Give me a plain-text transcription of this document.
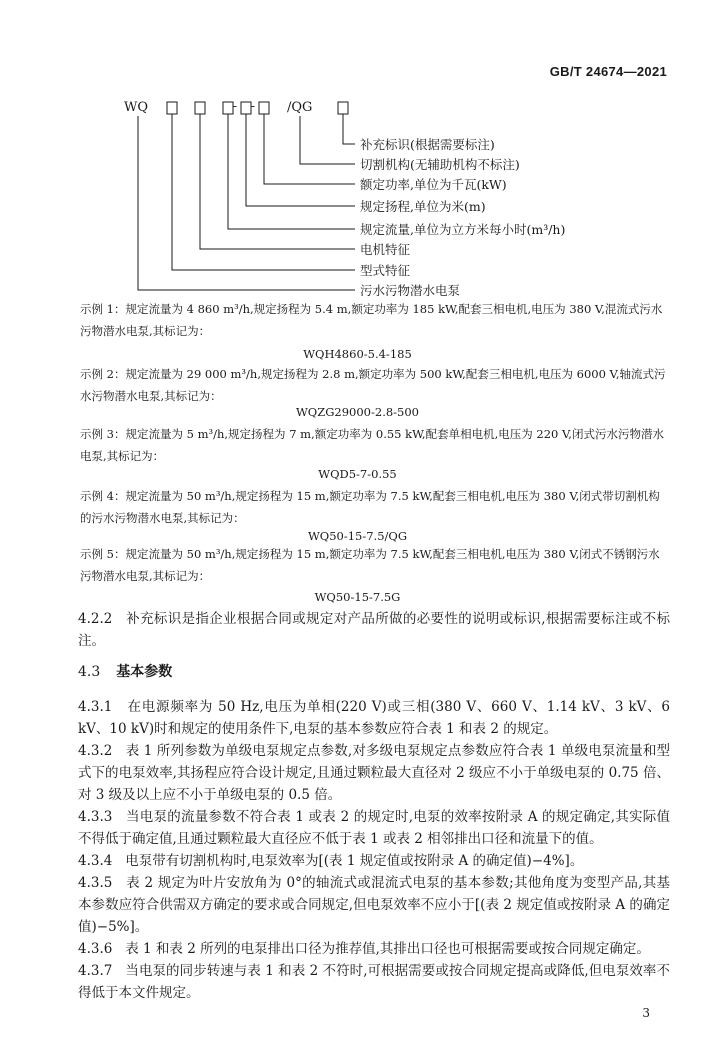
GB/T 24674—2021
WQ	- - /QG
补充标识(根据需要标注)
切割机构(无辅助机构不标注)
额定功率,单位为千瓦(kW)
规定扬程,单位为米(m)
规定流量,单位为立方米每小时(m³/h)
电机特征
型式特征
污水污物潜水电泵
示例 1：规定流量为 4 860 m³/h,规定扬程为 5.4 m,额定功率为 185 kW,配套三相电机,电压为 380 V,混流式污水污物潜水电泵,其标记为：
WQH4860-5.4-185
示例 2：规定流量为 29 000 m³/h,规定扬程为 2.8 m,额定功率为 500 kW,配套三相电机,电压为 6000 V,轴流式污水污物潜水电泵,其标记为：
WQZG29000-2.8-500
示例 3：规定流量为 5 m³/h,规定扬程为 7 m,额定功率为 0.55 kW,配套单相电机,电压为 220 V,闭式污水污物潜水电泵,其标记为：
WQD5-7-0.55
示例 4：规定流量为 50 m³/h,规定扬程为 15 m,额定功率为 7.5 kW,配套三相电机,电压为 380 V,闭式带切割机构的污水污物潜水电泵,其标记为：
WQ50-15-7.5/QG
示例 5：规定流量为 50 m³/h,规定扬程为 15 m,额定功率为 7.5 kW,配套三相电机,电压为 380 V,闭式不锈钢污水污物潜水电泵,其标记为：
WQ50-15-7.5G
4.2.2 补充标识是指企业根据合同或规定对产品所做的必要性的说明或标识,根据需要标注或不标注。
4.3 基本参数
4.3.1 在电源频率为 50 Hz,电压为单相(220 V)或三相(380 V、660 V、1.14 kV、3 kV、6 kV、10 kV)时和规定的使用条件下,电泵的基本参数应符合表 1 和表 2 的规定。
4.3.2 表 1 所列参数为单级电泵规定点参数,对多级电泵规定点参数应符合表 1 单级电泵流量和型式下的电泵效率,其扬程应符合设计规定,且通过颗粒最大直径对 2 级应不小于单级电泵的 0.75 倍、对 3 级及以上应不小于单级电泵的 0.5 倍。
4.3.3 当电泵的流量参数不符合表 1 或表 2 的规定时,电泵的效率按附录 A 的规定确定,其实际值不得低于确定值,且通过颗粒最大直径应不低于表 1 或表 2 相邻排出口径和流量下的值。
4.3.4 电泵带有切割机构时,电泵效率为[(表 1 规定值或按附录 A 的确定值)−4%]。
4.3.5 表 2 规定为叶片安放角为 0°的轴流式或混流式电泵的基本参数;其他角度为变型产品,其基本参数应符合供需双方确定的要求或合同规定,但电泵效率不应小于[(表 2 规定值或按附录 A 的确定值)−5%]。
4.3.6 表 1 和表 2 所列的电泵排出口径为推荐值,其排出口径也可根据需要或按合同规定确定。
4.3.7 当电泵的同步转速与表 1 和表 2 不符时,可根据需要或按合同规定提高或降低,但电泵效率不得低于本文件规定。
3
